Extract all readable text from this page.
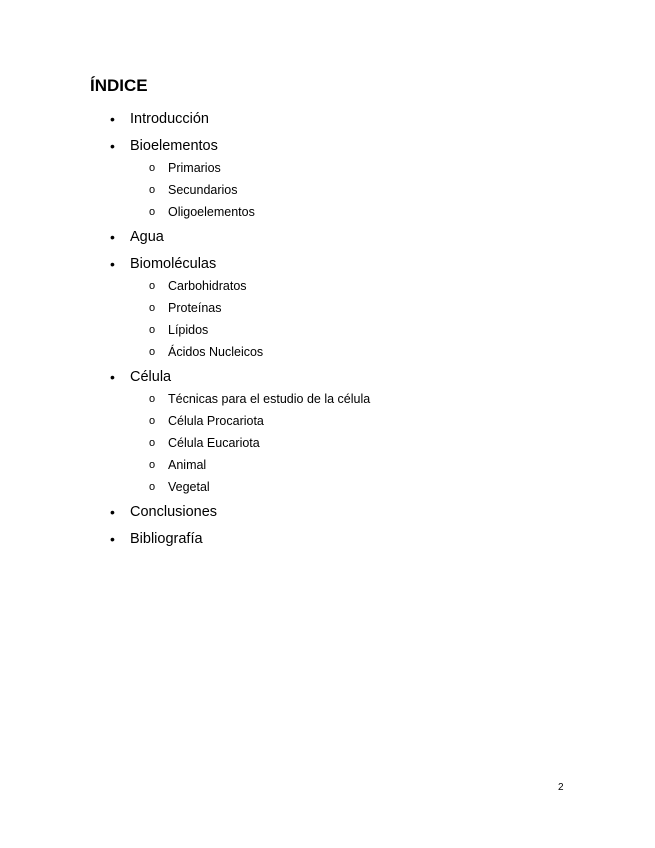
ÍNDICE
•	Introducción
•	Bioelementos
o Primarios
o Secundarios
o Oligoelementos
•	Agua
•	Biomoléculas
o Carbohidratos
o Proteínas
o Lípidos
o Ácidos Nucleicos
•	Célula
o Técnicas para el estudio de la célula
o Célula Procariota
o Célula Eucariota
o Animal
o Vegetal
•	Conclusiones
•	Bibliografía
2
